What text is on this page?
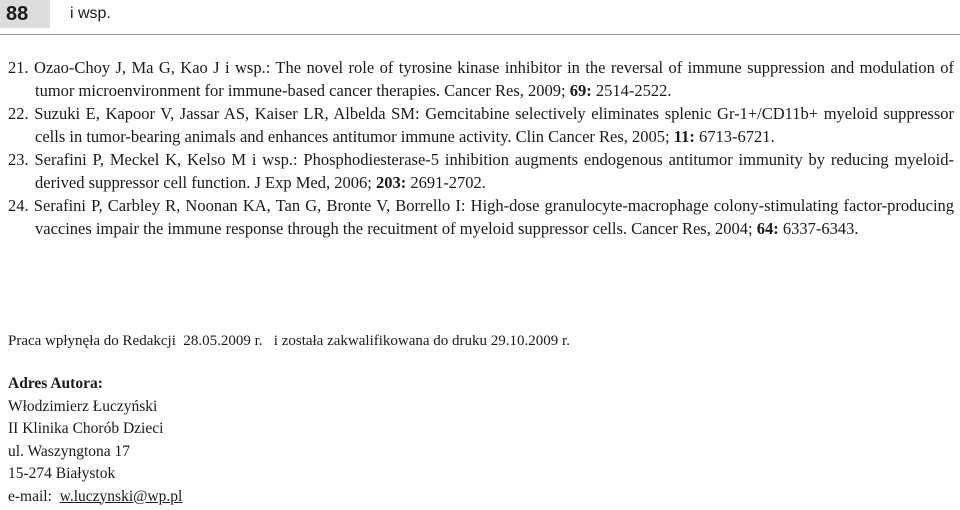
88	i wsp.

21. Ozao-Choy J, Ma G, Kao J i wsp.: The novel role of tyrosine kinase inhibitor in the reversal of immune suppression and modulation of tumor microenvironment for immune-based cancer therapies. Cancer Res, 2009; 69: 2514-2522.

22. Suzuki E, Kapoor V, Jassar AS, Kaiser LR, Albelda SM: Gemcitabine selectively eliminates splenic Gr-1+/CD11b+ myeloid suppressor cells in tumor-bearing animals and enhances antitumor immune activity. Clin Cancer Res, 2005; 11: 6713-6721.

23. Serafini P, Meckel K, Kelso M i wsp.: Phosphodiesterase-5 inhibition augments endogenous antitumor immunity by reducing myeloid-derived suppressor cell function. J Exp Med, 2006; 203: 2691-2702.

24. Serafini P, Carbley R, Noonan KA, Tan G, Bronte V, Borrello I: High-dose granulocyte-macrophage colony-stimulating factor-producing vaccines impair the immune response through the recuitment of myeloid suppressor cells. Cancer Res, 2004; 64: 6337-6343.

Praca wpłynęła do Redakcji 28.05.2009 r. i została zakwalifikowana do druku 29.10.2009 r.
Adres Autora:
Włodzimierz Łuczyński
II Klinika Chorób Dzieci
ul. Waszyngtona 17
15-274 Białystok
e-mail: w.luczynski@wp.pl
